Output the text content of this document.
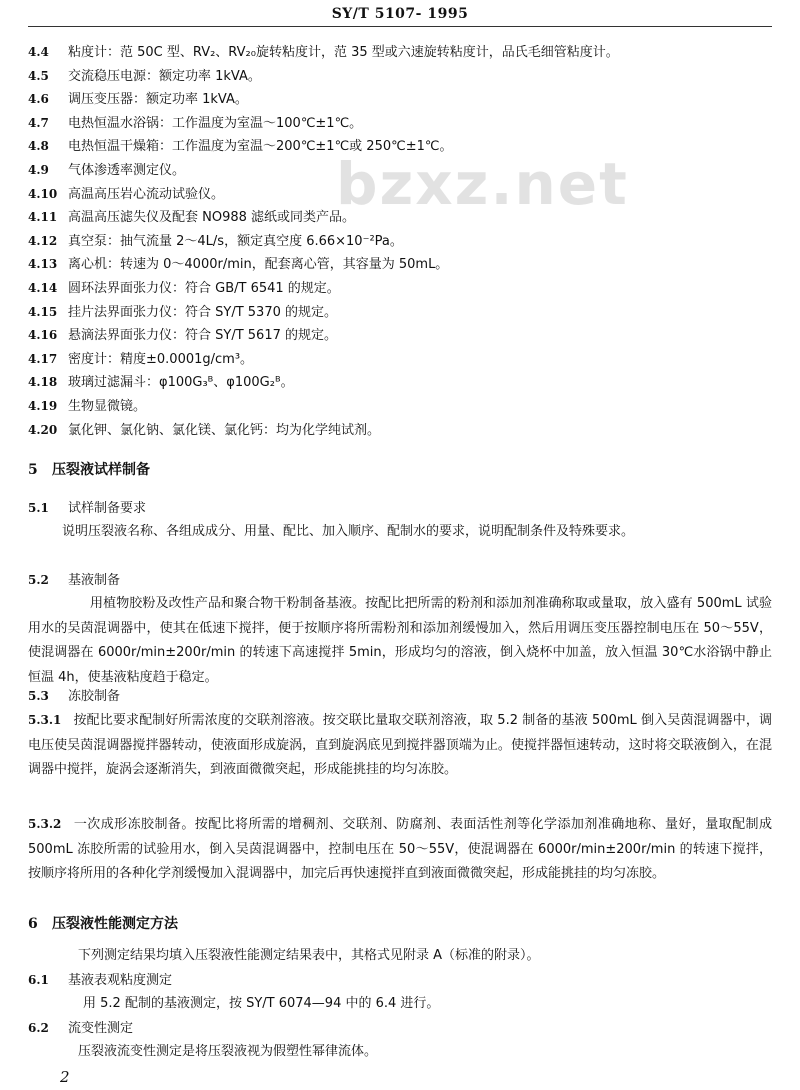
SY/T 5107- 1995
bzxz.net
4.4 粘度计：范 50C 型、RV₂、RV₂₀旋转粘度计，范 35 型或六速旋转粘度计，品氏毛细管粘度计。
4.5 交流稳压电源：额定功率 1kVA。
4.6 调压变压器：额定功率 1kVA。
4.7 电热恒温水浴锅：工作温度为室温～100℃±1℃。
4.8 电热恒温干燥箱：工作温度为室温～200℃±1℃或 250℃±1℃。
4.9 气体渗透率测定仪。
4.10 高温高压岩心流动试验仪。
4.11 高温高压滤失仪及配套 NO988 滤纸或同类产品。
4.12 真空泵：抽气流量 2～4L/s，额定真空度 6.66×10⁻²Pa。
4.13 离心机：转速为 0～4000r/min，配套离心管，其容量为 50mL。
4.14 圆环法界面张力仪：符合 GB/T 6541 的规定。
4.15 挂片法界面张力仪：符合 SY/T 5370 的规定。
4.16 悬滴法界面张力仪：符合 SY/T 5617 的规定。
4.17 密度计：精度±0.0001g/cm³。
4.18 玻璃过滤漏斗：φ100G₃ᴮ、φ100G₂ᴮ。
4.19 生物显微镜。
4.20 氯化钾、氯化钠、氯化镁、氯化钙：均为化学纯试剂。
5 压裂液试样制备
5.1 试样制备要求
说明压裂液名称、各组成成分、用量、配比、加入顺序、配制水的要求，说明配制条件及特殊要求。
5.2 基液制备
用植物胶粉及改性产品和聚合物干粉制备基液。按配比把所需的粉剂和添加剂准确称取或量取，放入盛有 500mL 试验用水的吴茵混调器中，使其在低速下搅拌，便于按顺序将所需粉剂和添加剂缓慢加入，然后用调压变压器控制电压在 50～55V，使混调器在 6000r/min±200r/min 的转速下高速搅拌 5min，形成均匀的溶液，倒入烧杯中加盖，放入恒温 30℃水浴锅中静止恒温 4h，使基液粘度趋于稳定。
5.3 冻胶制备
5.3.1 按配比要求配制好所需浓度的交联剂溶液。按交联比量取交联剂溶液，取 5.2 制备的基液 500mL 倒入吴茵混调器中，调电压使吴茵混调器搅拌器转动，使液面形成旋涡，直到旋涡底见到搅拌器顶端为止。使搅拌器恒速转动，这时将交联液倒入，在混调器中搅拌，旋涡会逐渐消失，到液面微微突起，形成能挑挂的均匀冻胶。
5.3.2 一次成形冻胶制备。按配比将所需的增稠剂、交联剂、防腐剂、表面活性剂等化学添加剂准确地称、量好，量取配制成 500mL 冻胶所需的试验用水，倒入吴茵混调器中，控制电压在 50～55V，使混调器在 6000r/min±200r/min 的转速下搅拌，按顺序将所用的各种化学剂缓慢加入混调器中，加完后再快速搅拌直到液面微微突起，形成能挑挂的均匀冻胶。
6 压裂液性能测定方法
下列测定结果均填入压裂液性能测定结果表中，其格式见附录 A（标准的附录）。
6.1 基液表观粘度测定
用 5.2 配制的基液测定，按 SY/T 6074—94 中的 6.4 进行。
6.2 流变性测定
压裂液流变性测定是将压裂液视为假塑性幂律流体。
2
